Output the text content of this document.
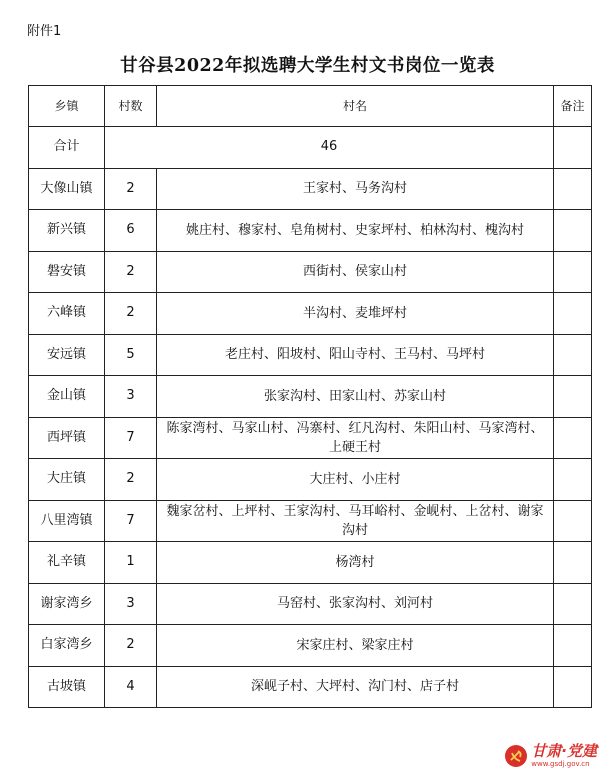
附件1
甘谷县2022年拟选聘大学生村文书岗位一览表
乡镇	村数	村名	备注
合计	46		
大像山镇	2	王家村、马务沟村	
新兴镇	6	姚庄村、穆家村、皂角树村、史家坪村、柏林沟村、槐沟村	
磐安镇	2	西街村、侯家山村	
六峰镇	2	半沟村、麦堆坪村	
安远镇	5	老庄村、阳坡村、阳山寺村、王马村、马坪村	
金山镇	3	张家沟村、田家山村、苏家山村	
西坪镇	7	陈家湾村、马家山村、冯寨村、红凡沟村、朱阳山村、马家湾村、上硬王村	
大庄镇	2	大庄村、小庄村	
八里湾镇	7	魏家岔村、上坪村、王家沟村、马耳峪村、金岘村、上岔村、谢家沟村	
礼辛镇	1	杨湾村	
谢家湾乡	3	马窑村、张家沟村、刘河村	
白家湾乡	2	宋家庄村、梁家庄村	
古坡镇	4	深岘子村、大坪村、沟门村、店子村	
甘肃·党建
www.gsdj.gov.cn
